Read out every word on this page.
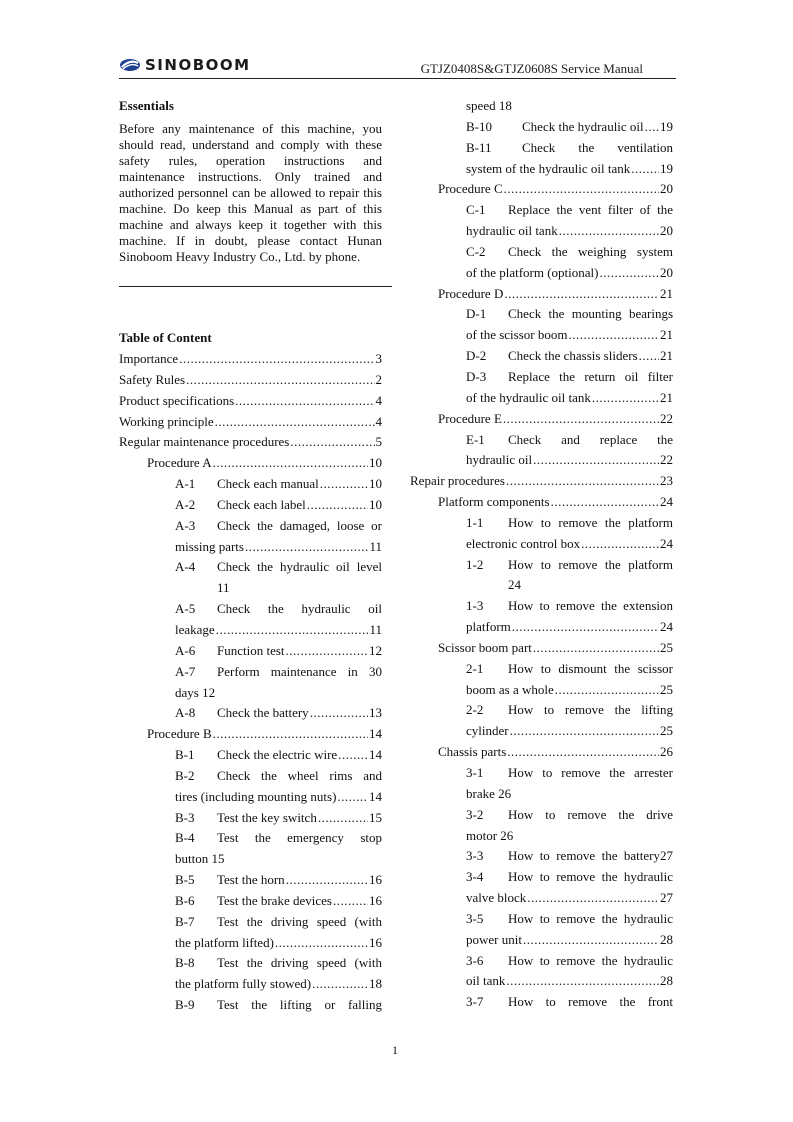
SINOBOOM	GTJZ0408S&GTJZ0608S Service Manual
Essentials
Before any maintenance of this machine, you should read, understand and comply with these safety rules, operation instructions and maintenance instructions. Only trained and authorized personnel can be allowed to repair this machine. Do keep this Manual as part of this machine and always keep it together with this machine. If in doubt, please contact Hunan Sinoboom Heavy Industry Co., Ltd. by phone.
Table of Content
Importance .....	3
Safety Rules .....	2
Product specifications .....	4
Working principle .....	4
Regular maintenance procedures .....	5
Procedure A .....	10
A-1	Check each manual .....	10
A-2	Check each label .....	10
A-3	Check the damaged, loose or
missing parts .....	11
A-4	Check the hydraulic oil level
11
A-5	Check the hydraulic oil
leakage .....	11
A-6	Function test .....	12
A-7	Perform maintenance in 30
days 12
A-8	Check the battery .....	13
Procedure B .....	14
B-1	Check the electric wire ..... 14
B-2	Check the wheel rims and
tires (including mounting nuts) .....	14
B-3	Test the key switch .....	15
B-4	Test the emergency stop
button 15
B-5	Test the horn .....	16
B-6	Test the brake devices .....	16
B-7	Test the driving speed (with
the platform lifted) .....	16
B-8	Test the driving speed (with
the platform fully stowed) .....	18
B-9	Test the lifting or falling
speed 18
B-10	Check the hydraulic oil ..... 19
B-11	Check the ventilation
system of the hydraulic oil tank ..... 19
Procedure C .....	20
C-1	Replace the vent filter of the
hydraulic oil tank .....	20
C-2	Check the weighing system
of the platform (optional) .....	20
Procedure D .....	21
D-1	Check the mounting bearings
of the scissor boom .....	21
D-2	Check the chassis sliders ..... 21
D-3	Replace the return oil filter
of the hydraulic oil tank .....	21
Procedure E .....	22
E-1	Check and replace the
hydraulic oil .....	22
Repair procedures .....	23
Platform components .....	24
1-1	How to remove the platform
electronic control box .....	24
1-2	How to remove the platform
24
1-3	How to remove the extension
platform .....	24
Scissor boom part .....	25
2-1	How to dismount the scissor
boom as a whole .....	25
2-2	How to remove the lifting
cylinder .....	25
Chassis parts .....	26
3-1	How to remove the arrester
brake 26
3-2	How to remove the drive
motor 26
3-3	How to remove the battery27
3-4	How to remove the hydraulic
valve block .....	27
3-5	How to remove the hydraulic
power unit .....	28
3-6	How to remove the hydraulic
oil tank .....	28
3-7	How to remove the front
1
